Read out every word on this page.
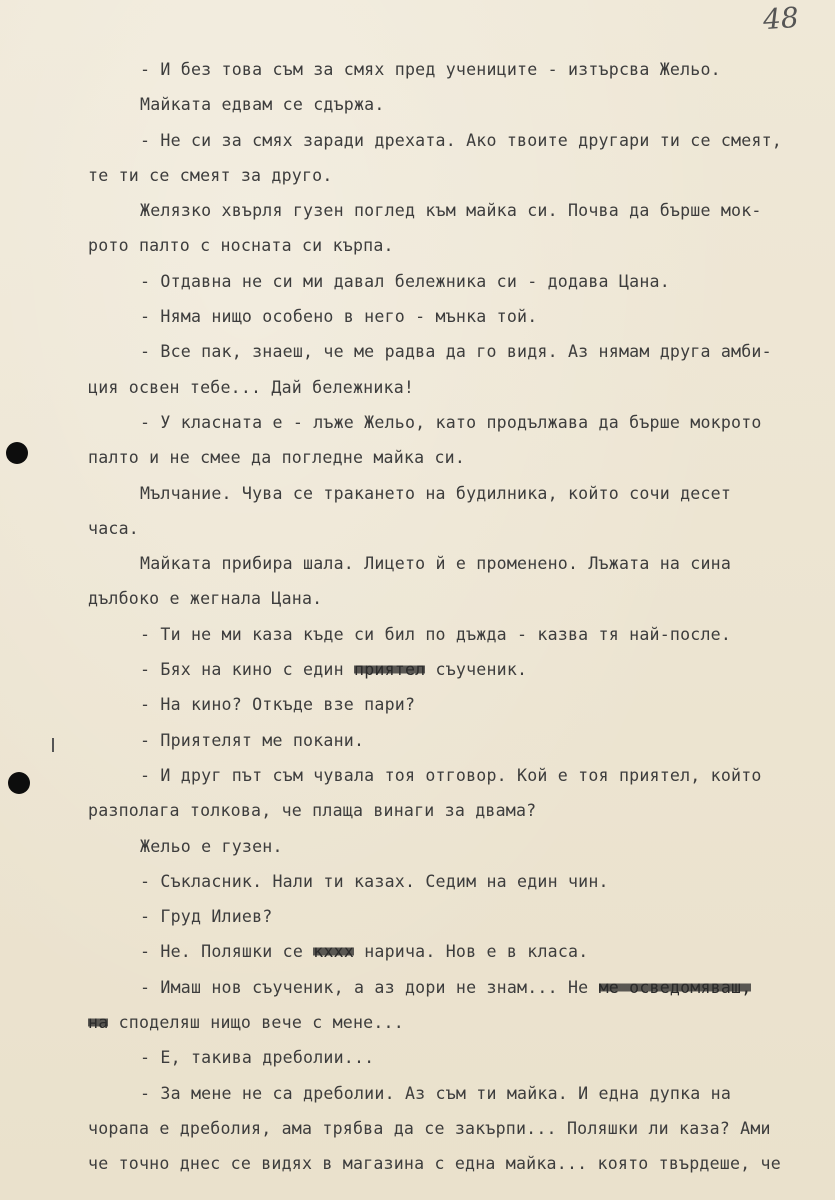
48
- И без това съм за смях пред учениците - изтърсва Жельо.
Майката едвам се сдържа.
- Не си за смях заради дрехата. Ако твоите другари ти се смеят,
те ти се смеят за друго.
Желязко хвърля гузен поглед към майка си. Почва да бърше мок-
рото палто с носната си кърпа.
- Отдавна не си ми давал бележника си - додава Цана.
- Няма нищо особено в него - мънка той.
- Все пак, знаеш, че ме радва да го видя. Аз нямам друга амби-
ция освен тебе... Дай бележника!
- У класната е - лъже Жельо, като продължава да бърше мокрото
палто и не смее да погледне майка си.
Мълчание. Чува се тракането на будилника, който сочи десет
часа.
Майката прибира шала. Лицето й е променено. Лъжата на сина
дълбоко е жегнала Цана.
- Ти не ми каза къде си бил по дъжда - казва тя най-после.
- Бях на кино с един приятел съученик.
- На кино? Откъде взе пари?
- Приятелят ме покани.
- И друг път съм чувала тоя отговор. Кой е тоя приятел, който
разполага толкова, че плаща винаги за двама?
Жельо е гузен.
- Съкласник. Нали ти казах. Седим на един чин.
- Груд Илиев?
- Не. Поляшки се кххх нарича. Нов е в класа.
- Имаш нов съученик, а аз дори не знам... Не ме осведомяваш,
на споделяш нищо вече с мене...
- Е, такива дреболии...
- За мене не са дреболии. Аз съм ти майка. И една дупка на
чорапа е дреболия, ама трябва да се закърпи... Поляшки ли каза? Ами
че точно днес се видях в магазина с една майка... която твърдеше, че
